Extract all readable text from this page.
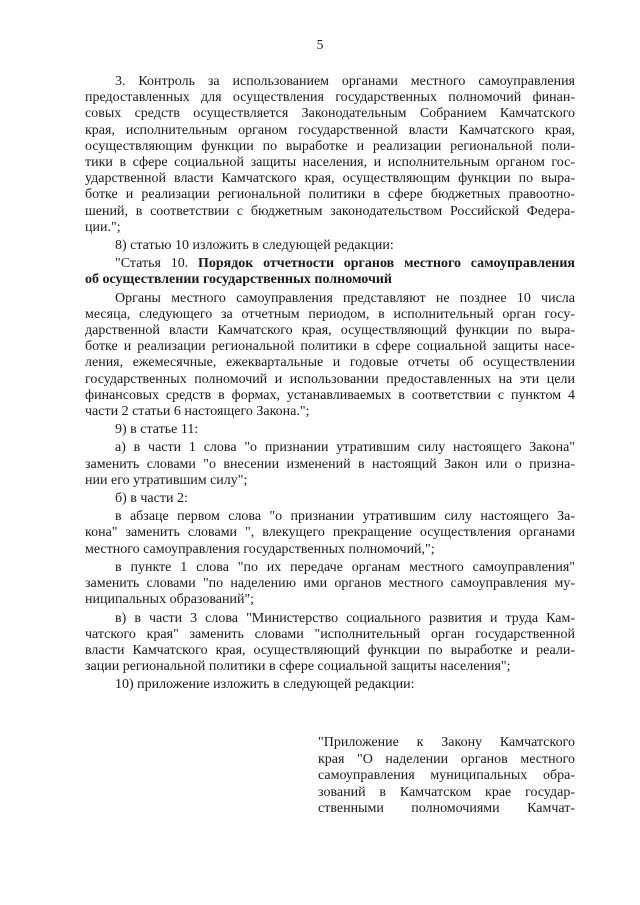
5
3. Контроль за использованием органами местного самоуправления
предоставленных для осуществления государственных полномочий финан-
совых средств осуществляется Законодательным Собранием Камчатского
края, исполнительным органом государственной власти Камчатского края,
осуществляющим функции по выработке и реализации региональной поли-
тики в сфере социальной защиты населения, и исполнительным органом гос-
ударственной власти Камчатского края, осуществляющим функции по выра-
ботке и реализации региональной политики в сфере бюджетных правоотно-
шений, в соответствии с бюджетным законодательством Российской Федера-
ции.";
8) статью 10 изложить в следующей редакции:
"Статья 10. Порядок отчетности органов местного самоуправления
об осуществлении государственных полномочий
Органы местного самоуправления представляют не позднее 10 числа
месяца, следующего за отчетным периодом, в исполнительный орган госу-
дарственной власти Камчатского края, осуществляющий функции по выра-
ботке и реализации региональной политики в сфере социальной защиты насе-
ления, ежемесячные, ежеквартальные и годовые отчеты об осуществлении
государственных полномочий и использовании предоставленных на эти цели
финансовых средств в формах, устанавливаемых в соответствии с пунктом 4
части 2 статьи 6 настоящего Закона.";
9) в статье 11:
а) в части 1 слова "о признании утратившим силу настоящего Закона"
заменить словами "о внесении изменений в настоящий Закон или о призна-
нии его утратившим силу";
б) в части 2:
в абзаце первом слова "о признании утратившим силу настоящего За-
кона" заменить словами ", влекущего прекращение осуществления органами
местного самоуправления государственных полномочий,";
в пункте 1 слова "по их передаче органам местного самоуправления"
заменить словами "по наделению ими органов местного самоуправления му-
ниципальных образований";
в) в части 3 слова "Министерство социального развития и труда Кам-
чатского края" заменить словами "исполнительный орган государственной
власти Камчатского края, осуществляющий функции по выработке и реали-
зации региональной политики в сфере социальной защиты населения";
10) приложение изложить в следующей редакции:
"Приложение к Закону Камчатского
края "О наделении органов местного
самоуправления муниципальных обра-
зований в Камчатском крае государ-
ственными полномочиями Камчат-
